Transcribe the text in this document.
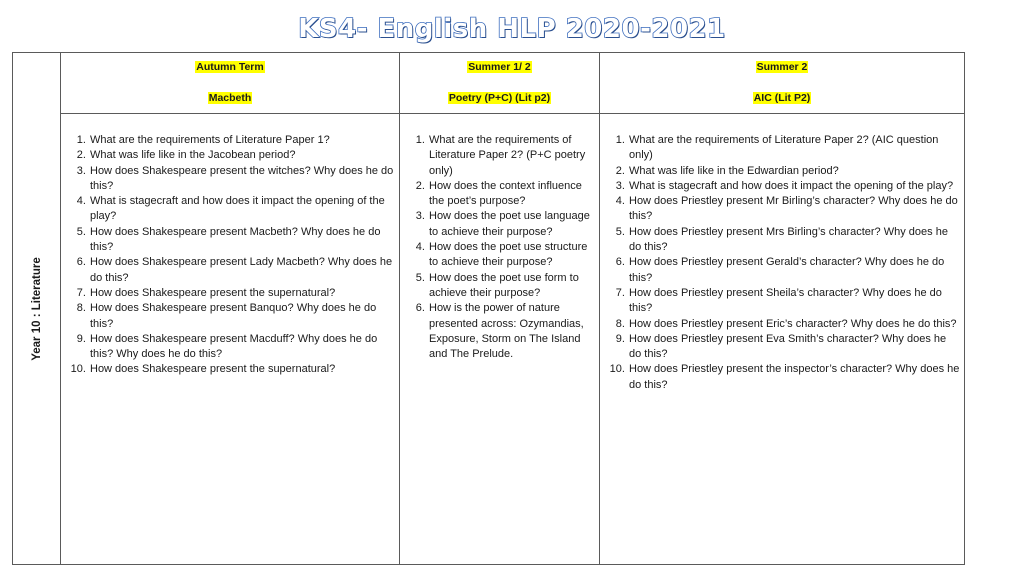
KS4- English HLP 2020-2021
Year 10 : Literature
Autumn Term
Macbeth
Summer 1/ 2
Poetry (P+C) (Lit p2)
Summer 2
AIC (Lit P2)
1. What are the requirements of Literature Paper 1?
2. What was life like in the Jacobean period?
3. How does Shakespeare present the witches? Why does he do this?
4. What is stagecraft and how does it impact the opening of the play?
5. How does Shakespeare present Macbeth? Why does he do this?
6. How does Shakespeare present Lady Macbeth? Why does he do this?
7. How does Shakespeare present the supernatural?
8. How does Shakespeare present Banquo? Why does he do this?
9. How does Shakespeare present Macduff? Why does he do this? Why does he do this?
10. How does Shakespeare present the supernatural?
1. What are the requirements of Literature Paper 2? (P+C poetry only)
2. How does the context influence the poet’s purpose?
3. How does the poet use language to achieve their purpose?
4. How does the poet use structure to achieve their purpose?
5. How does the poet use form to achieve their purpose?
6. How is the power of nature presented across: Ozymandias, Exposure, Storm on The Island and The Prelude.
1. What are the requirements of Literature Paper 2? (AIC question only)
2. What was life like in the Edwardian period?
3. What is stagecraft and how does it impact the opening of the play?
4. How does Priestley present Mr Birling’s character? Why does he do this?
5. How does Priestley present Mrs Birling’s character? Why does he do this?
6. How does Priestley present Gerald’s character? Why does he do this?
7. How does Priestley present Sheila’s character? Why does he do this?
8. How does Priestley present Eric’s character? Why does he do this?
9. How does Priestley present Eva Smith’s character? Why does he do this?
10. How does Priestley present the inspector’s character? Why does he do this?
